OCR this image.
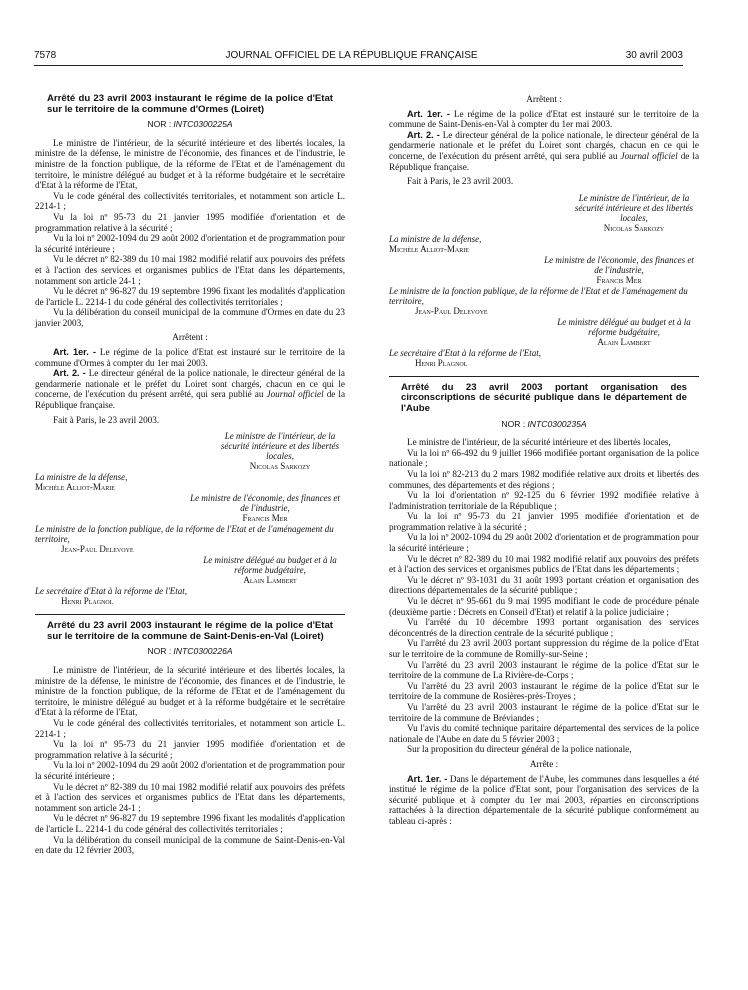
7578	JOURNAL OFFICIEL DE LA RÉPUBLIQUE FRANÇAISE	30 avril 2003

Arrêté du 23 avril 2003 instaurant le régime de la police d'Etat sur le territoire de la commune d'Ormes (Loiret)

NOR : INTC0300225A

Le ministre de l'intérieur, de la sécurité intérieure et des libertés locales, la ministre de la défense, le ministre de l'économie, des finances et de l'industrie, le ministre de la fonction publique, de la réforme de l'Etat et de l'aménagement du territoire, le ministre délégué au budget et à la réforme budgétaire et le secrétaire d'Etat à la réforme de l'Etat,

Vu le code général des collectivités territoriales, et notamment son article L. 2214-1 ;

Vu la loi nº 95-73 du 21 janvier 1995 modifiée d'orientation et de programmation relative à la sécurité ;

Vu la loi nº 2002-1094 du 29 août 2002 d'orientation et de programmation pour la sécurité intérieure ;

Vu le décret nº 82-389 du 10 mai 1982 modifié relatif aux pouvoirs des préfets et à l'action des services et organismes publics de l'Etat dans les départements, notamment son article 24-1 ;

Vu le décret nº 96-827 du 19 septembre 1996 fixant les modalités d'application de l'article L. 2214-1 du code général des collectivités territoriales ;

Vu la délibération du conseil municipal de la commune d'Ormes en date du 23 janvier 2003,

Arrêtent :

Art. 1er. - Le régime de la police d'Etat est instauré sur le territoire de la commune d'Ormes à compter du 1er mai 2003.

Art. 2. - Le directeur général de la police nationale, le directeur général de la gendarmerie nationale et le préfet du Loiret sont chargés, chacun en ce qui le concerne, de l'exécution du présent arrêté, qui sera publié au Journal officiel de la République française.

Fait à Paris, le 23 avril 2003.

Le ministre de l'intérieur, de la sécurité intérieure et des libertés locales,
Nicolas Sarkozy
La ministre de la défense,
Michèle Alliot-Marie
Le ministre de l'économie, des finances et de l'industrie,
Francis Mer
Le ministre de la fonction publique, de la réforme de l'Etat et de l'aménagement du territoire,
Jean-Paul Delevoye
Le ministre délégué au budget et à la réforme budgétaire,
Alain Lambert
Le secrétaire d'Etat à la réforme de l'Etat,
Henri Plagnol

Arrêté du 23 avril 2003 instaurant le régime de la police d'Etat sur le territoire de la commune de Saint-Denis-en-Val (Loiret)

NOR : INTC0300226A

Le ministre de l'intérieur, de la sécurité intérieure et des libertés locales, la ministre de la défense, le ministre de l'économie, des finances et de l'industrie, le ministre de la fonction publique, de la réforme de l'Etat et de l'aménagement du territoire, le ministre délégué au budget et à la réforme budgétaire et le secrétaire d'Etat à la réforme de l'Etat,

Vu le code général des collectivités territoriales, et notamment son article L. 2214-1 ;

Vu la loi nº 95-73 du 21 janvier 1995 modifiée d'orientation et de programmation relative à la sécurité ;

Vu la loi nº 2002-1094 du 29 août 2002 d'orientation et de programmation pour la sécurité intérieure ;

Vu le décret nº 82-389 du 10 mai 1982 modifié relatif aux pouvoirs des préfets et à l'action des services et organismes publics de l'Etat dans les départements, notamment son article 24-1 ;

Vu le décret nº 96-827 du 19 septembre 1996 fixant les modalités d'application de l'article L. 2214-1 du code général des collectivités territoriales ;

Vu la délibération du conseil municipal de la commune de Saint-Denis-en-Val en date du 12 février 2003,

Arrêtent :

Art. 1er. - Le régime de la police d'Etat est instauré sur le territoire de la commune de Saint-Denis-en-Val à compter du 1er mai 2003.

Art. 2. - Le directeur général de la police nationale, le directeur général de la gendarmerie nationale et le préfet du Loiret sont chargés, chacun en ce qui le concerne, de l'exécution du présent arrêté, qui sera publié au Journal officiel de la République française.

Fait à Paris, le 23 avril 2003.

Le ministre de l'intérieur, de la sécurité intérieure et des libertés locales,
Nicolas Sarkozy
La ministre de la défense,
Michèle Alliot-Marie
Le ministre de l'économie, des finances et de l'industrie,
Francis Mer
Le ministre de la fonction publique, de la réforme de l'Etat et de l'aménagement du territoire,
Jean-Paul Delevoye
Le ministre délégué au budget et à la réforme budgétaire,
Alain Lambert
Le secrétaire d'Etat à la réforme de l'Etat,
Henri Plagnol

Arrêté du 23 avril 2003 portant organisation des circonscriptions de sécurité publique dans le département de l'Aube

NOR : INTC0300235A

Le ministre de l'intérieur, de la sécurité intérieure et des libertés locales,

Vu la loi nº 66-492 du 9 juillet 1966 modifiée portant organisation de la police nationale ;

Vu la loi nº 82-213 du 2 mars 1982 modifiée relative aux droits et libertés des communes, des départements et des régions ;

Vu la loi d'orientation nº 92-125 du 6 février 1992 modifiée relative à l'administration territoriale de la République ;

Vu la loi nº 95-73 du 21 janvier 1995 modifiée d'orientation et de programmation relative à la sécurité ;

Vu la loi nº 2002-1094 du 29 août 2002 d'orientation et de programmation pour la sécurité intérieure ;

Vu le décret nº 82-389 du 10 mai 1982 modifié relatif aux pouvoirs des préfets et à l'action des services et organismes publics de l'Etat dans les départements ;

Vu le décret nº 93-1031 du 31 août 1993 portant création et organisation des directions départementales de la sécurité publique ;

Vu le décret nº 95-661 du 9 mai 1995 modifiant le code de procédure pénale (deuxième partie : Décrets en Conseil d'Etat) et relatif à la police judiciaire ;

Vu l'arrêté du 10 décembre 1993 portant organisation des services déconcentrés de la direction centrale de la sécurité publique ;

Vu l'arrêté du 23 avril 2003 portant suppression du régime de la police d'Etat sur le territoire de la commune de Romilly-sur-Seine ;

Vu l'arrêté du 23 avril 2003 instaurant le régime de la police d'Etat sur le territoire de la commune de La Rivière-de-Corps ;

Vu l'arrêté du 23 avril 2003 instaurant le régime de la police d'Etat sur le territoire de la commune de Rosières-près-Troyes ;

Vu l'arrêté du 23 avril 2003 instaurant le régime de la police d'Etat sur le territoire de la commune de Bréviandes ;

Vu l'avis du comité technique paritaire départemental des services de la police nationale de l'Aube en date du 5 février 2003 ;

Sur la proposition du directeur général de la police nationale,

Arrête :

Art. 1er. - Dans le département de l'Aube, les communes dans lesquelles a été institué le régime de la police d'Etat sont, pour l'organisation des services de la sécurité publique et à compter du 1er mai 2003, réparties en circonscriptions rattachées à la direction départementale de la sécurité publique conformément au tableau ci-après :
